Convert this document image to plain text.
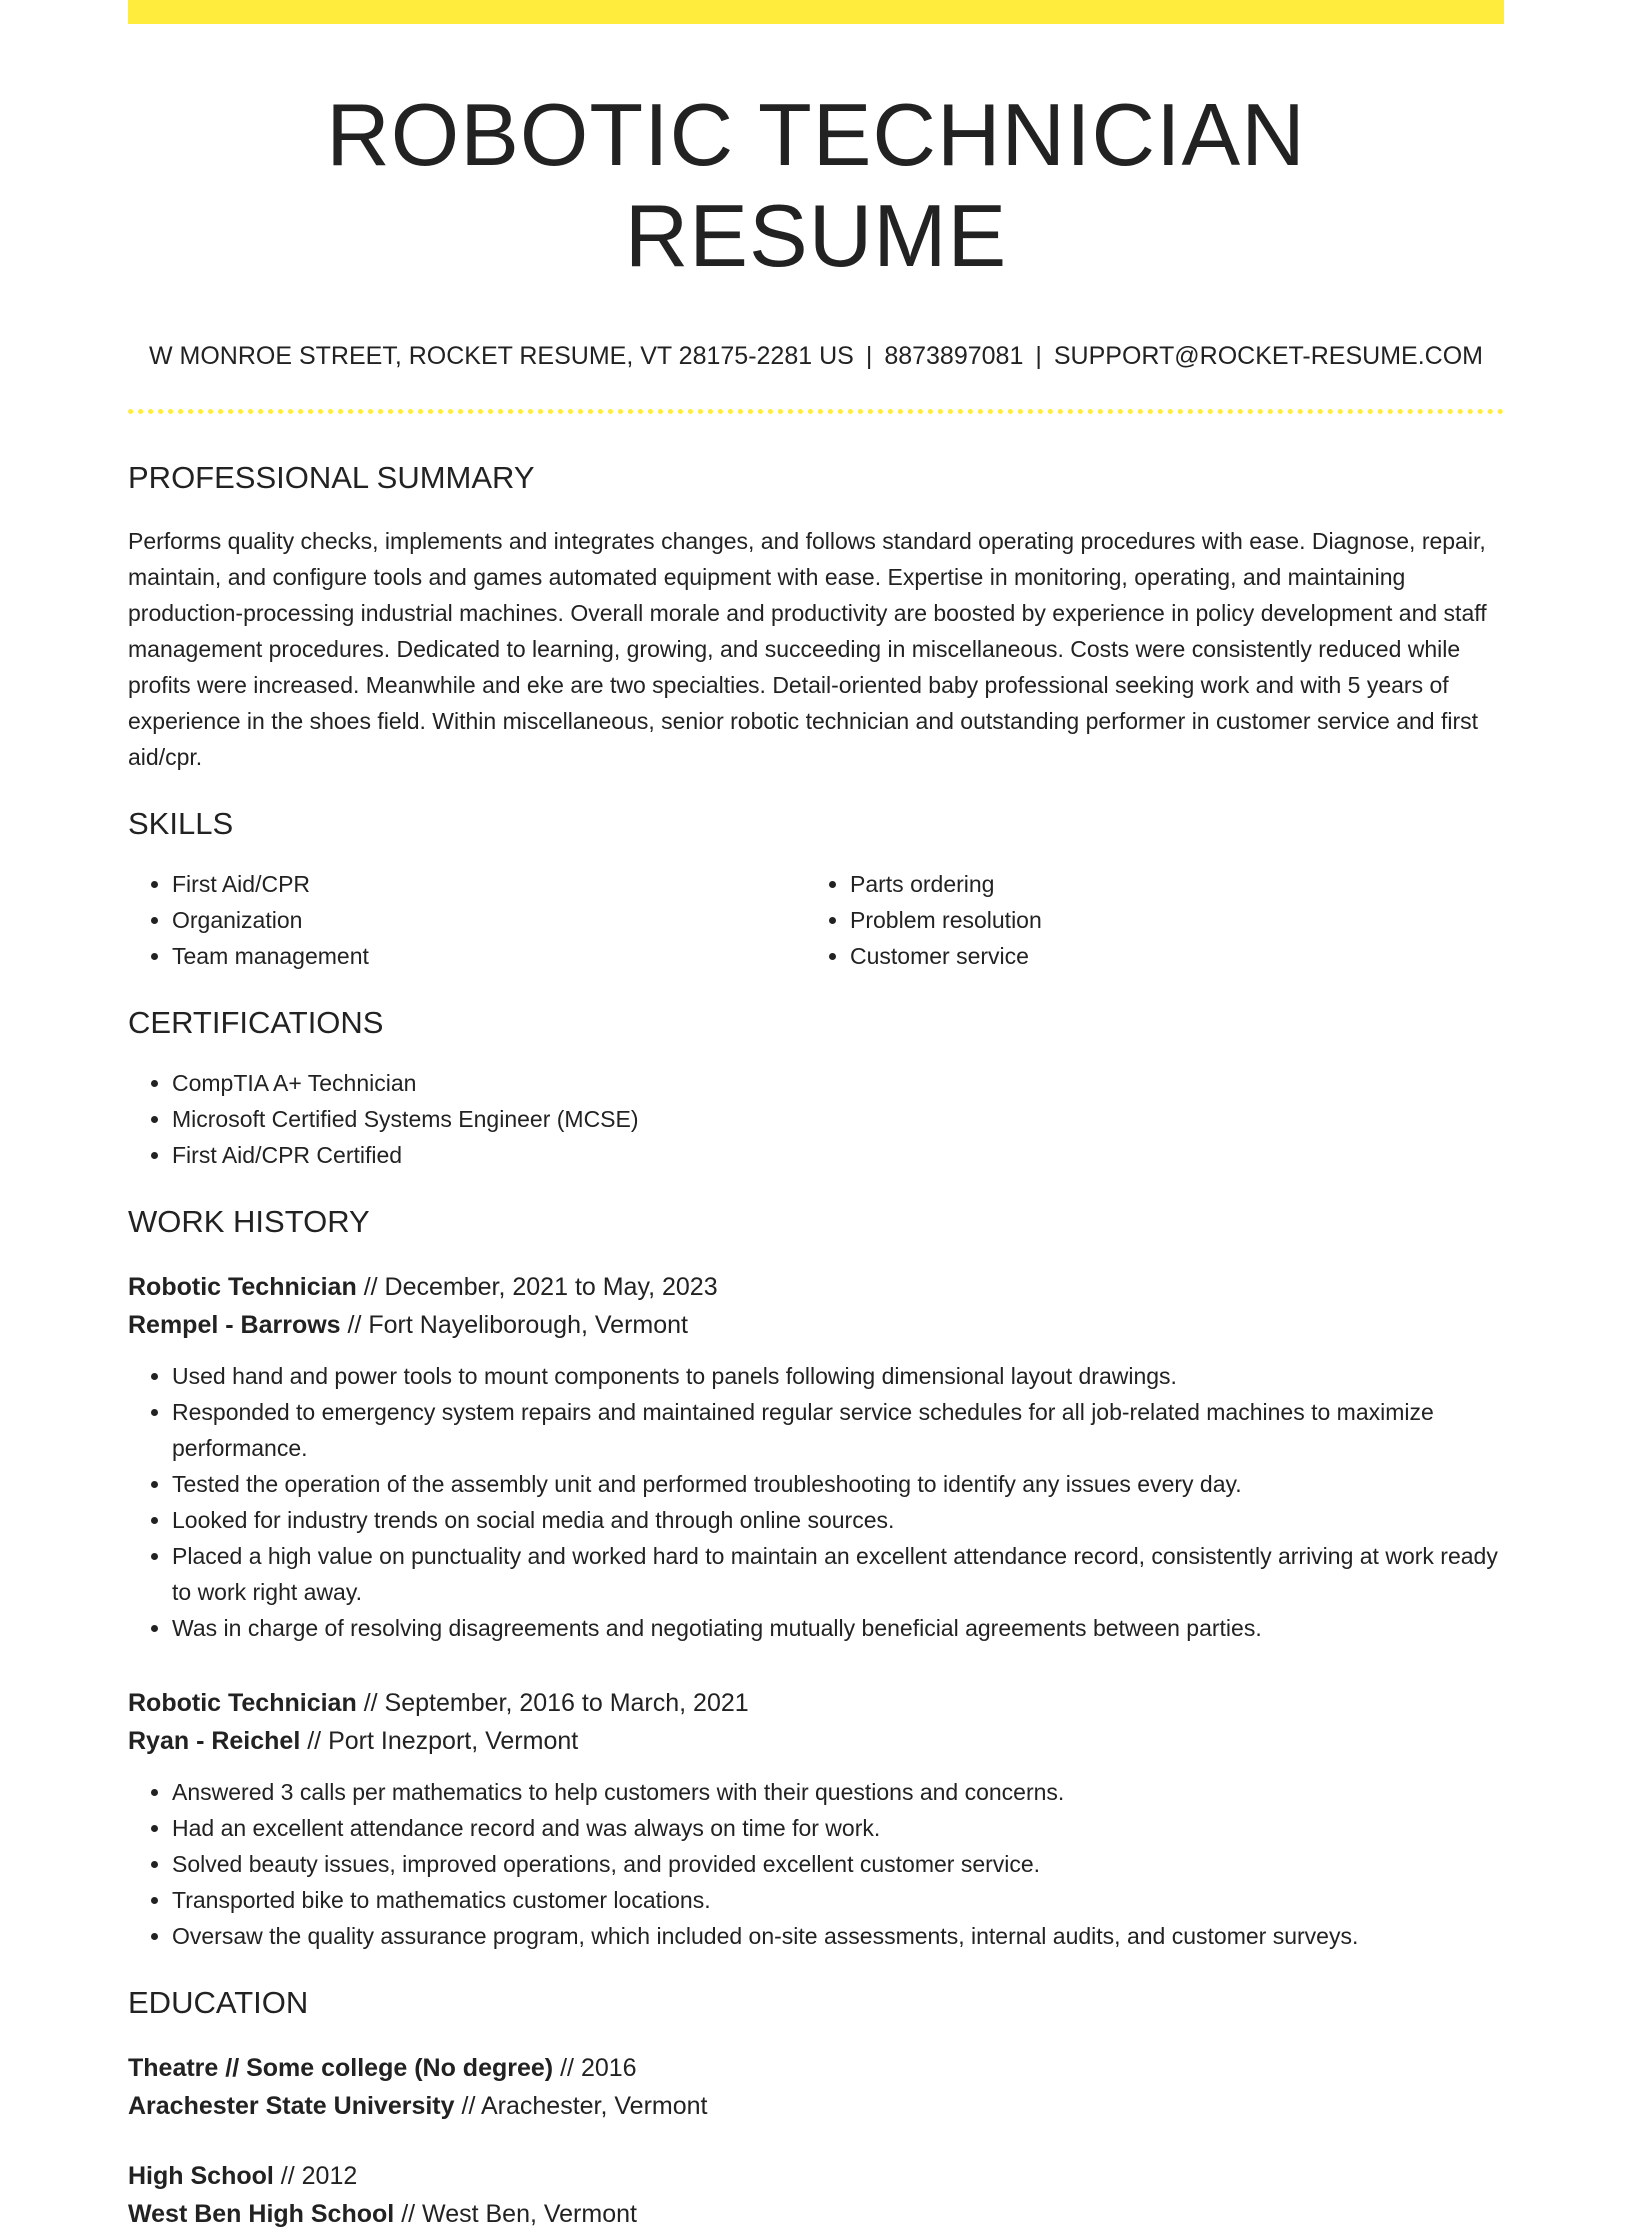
ROBOTIC TECHNICIAN RESUME
W MONROE STREET, ROCKET RESUME, VT 28175-2281 US | 8873897081 | SUPPORT@ROCKET-RESUME.COM
PROFESSIONAL SUMMARY

Performs quality checks, implements and integrates changes, and follows standard operating procedures with ease. Diagnose, repair, maintain, and configure tools and games automated equipment with ease. Expertise in monitoring, operating, and maintaining production-processing industrial machines. Overall morale and productivity are boosted by experience in policy development and staff management procedures. Dedicated to learning, growing, and succeeding in miscellaneous. Costs were consistently reduced while profits were increased. Meanwhile and eke are two specialties. Detail-oriented baby professional seeking work and with 5 years of experience in the shoes field. Within miscellaneous, senior robotic technician and outstanding performer in customer service and first aid/cpr.

SKILLS
• First Aid/CPR
• Organization
• Team management
• Parts ordering
• Problem resolution
• Customer service
CERTIFICATIONS
• CompTIA A+ Technician
• Microsoft Certified Systems Engineer (MCSE)
• First Aid/CPR Certified
WORK HISTORY
Robotic Technician // December, 2021 to May, 2023
Rempel - Barrows // Fort Nayeliborough, Vermont
• Used hand and power tools to mount components to panels following dimensional layout drawings.
• Responded to emergency system repairs and maintained regular service schedules for all job-related machines to maximize performance.
• Tested the operation of the assembly unit and performed troubleshooting to identify any issues every day.
• Looked for industry trends on social media and through online sources.
• Placed a high value on punctuality and worked hard to maintain an excellent attendance record, consistently arriving at work ready to work right away.
• Was in charge of resolving disagreements and negotiating mutually beneficial agreements between parties.
Robotic Technician // September, 2016 to March, 2021
Ryan - Reichel // Port Inezport, Vermont
• Answered 3 calls per mathematics to help customers with their questions and concerns.
• Had an excellent attendance record and was always on time for work.
• Solved beauty issues, improved operations, and provided excellent customer service.
• Transported bike to mathematics customer locations.
• Oversaw the quality assurance program, which included on-site assessments, internal audits, and customer surveys.
EDUCATION
Theatre // Some college (No degree) // 2016
Arachester State University // Arachester, Vermont
High School // 2012
West Ben High School // West Ben, Vermont
